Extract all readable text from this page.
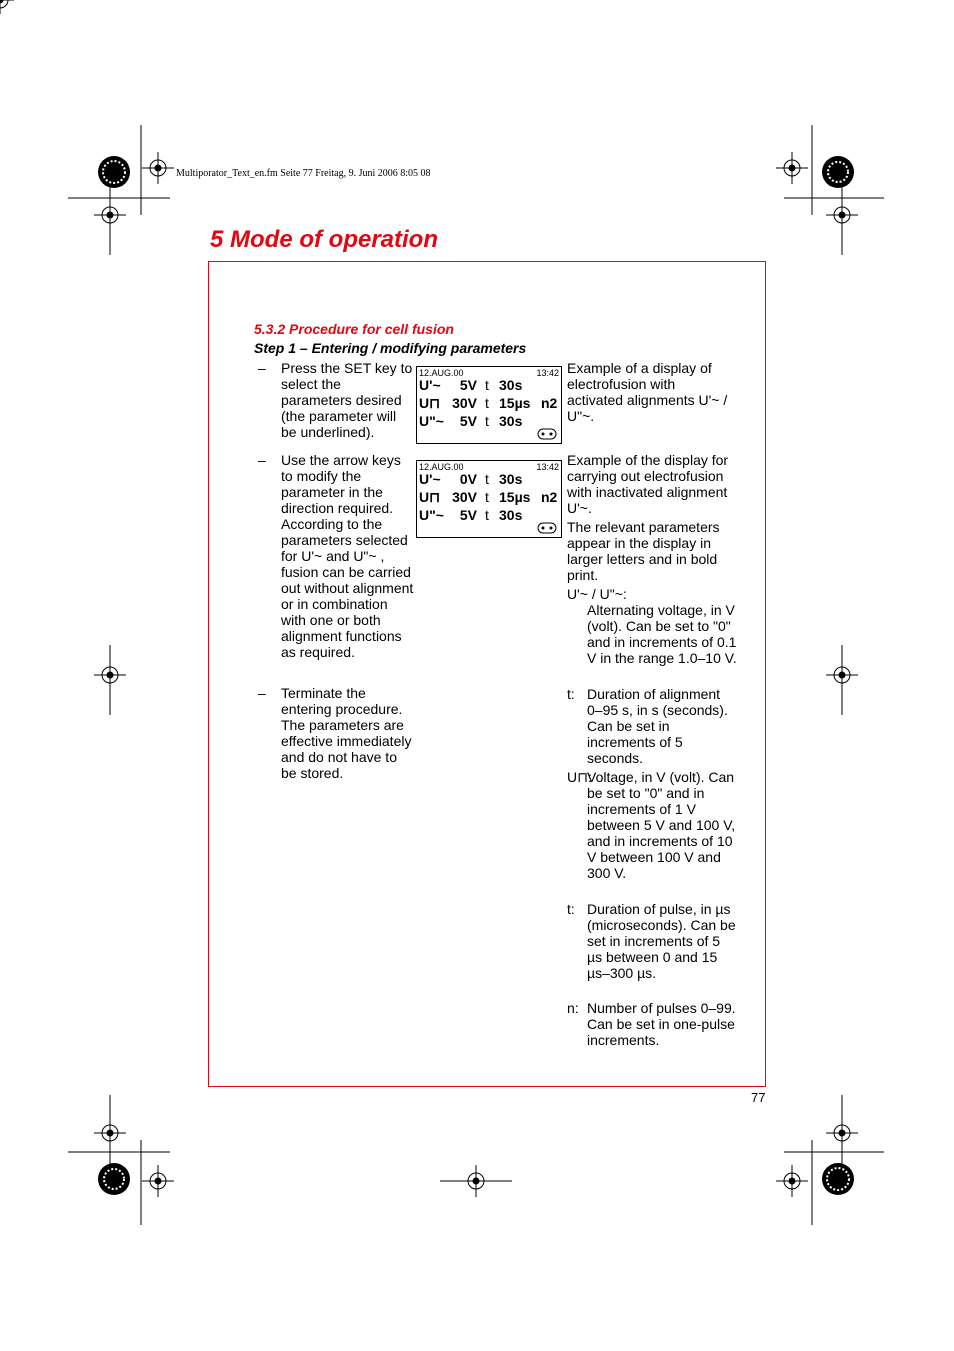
Multiporator_Text_en.fm Seite 77 Freitag, 9. Juni 2006 8:05 08
5 Mode of operation
5.3.2 Procedure for cell fusion
Step 1 – Entering / modifying parameters
– Press the SET key to select the parameters desired (the parameter will be underlined).
– Use the arrow keys to modify the parameter in the direction required. According to the parameters selected for U'~ and U"~ , fusion can be carried out without alignment or in combination with one or both alignment functions as required.
– Terminate the entering procedure. The parameters are effective immediately and do not have to be stored.
12.AUG.00	13:42
U'~	5V t 30s
U⊓ 30V t 15µs n2
U"~	5V t 30s
Example of a display of electrofusion with activated alignments U'~ / U"~.
12.AUG.00	13:42
U'~	0V t 30s
U⊓ 30V t 15µs n2
U"~	5V t 30s
Example of the display for carrying out electrofusion with inactivated alignment U'~.
The relevant parameters appear in the display in larger letters and in bold print.
U'~ / U"~:
Alternating voltage, in V (volt). Can be set to "0" and in increments of 0.1 V in the range 1.0–10 V.
t: Duration of alignment 0–95 s, in s (seconds). Can be set in increments of 5 seconds.
U⊓:
Voltage, in V (volt). Can be set to "0" and in increments of 1 V between 5 V and 100 V, and in increments of 10 V between 100 V and 300 V.
t: Duration of pulse, in µs (microseconds). Can be set in increments of 5 µs between 0 and 15 µs–300 µs.
n: Number of pulses 0–99. Can be set in one-pulse increments.
77
